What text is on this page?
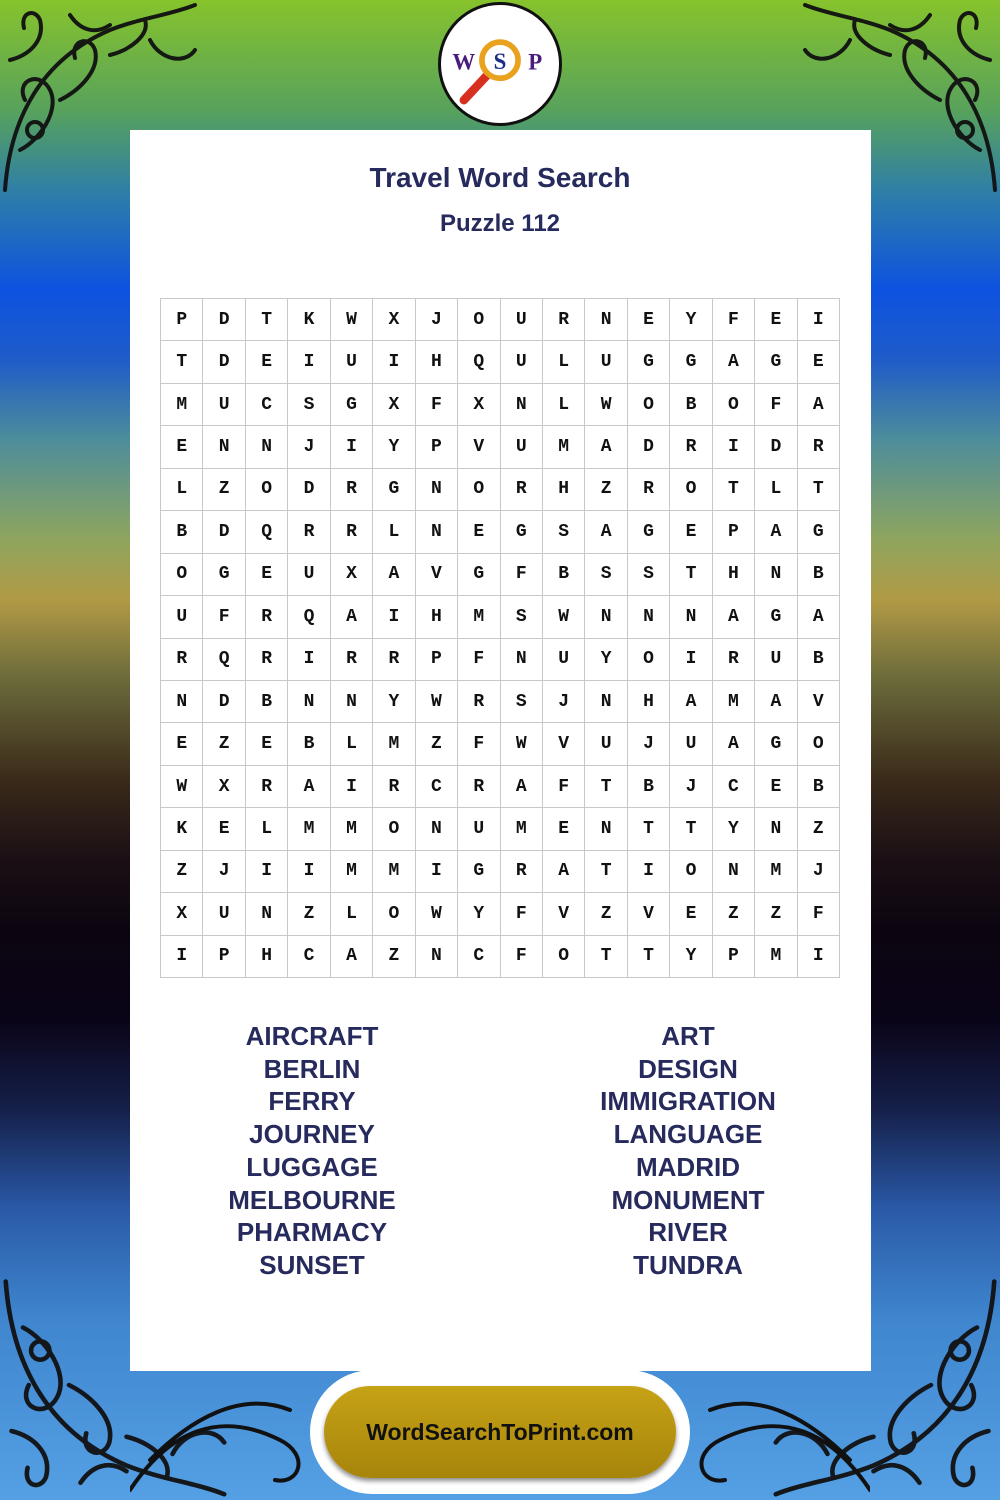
W S P
Travel Word Search
Puzzle 112
P	D	T	K	W	X	J	O	U	R	N	E	Y	F	E	I
T	D	E	I	U	I	H	Q	U	L	U	G	G	A	G	E
M	U	C	S	G	X	F	X	N	L	W	O	B	O	F	A
E	N	N	J	I	Y	P	V	U	M	A	D	R	I	D	R
L	Z	O	D	R	G	N	O	R	H	Z	R	O	T	L	T
B	D	Q	R	R	L	N	E	G	S	A	G	E	P	A	G
O	G	E	U	X	A	V	G	F	B	S	S	T	H	N	B
U	F	R	Q	A	I	H	M	S	W	N	N	N	A	G	A
R	Q	R	I	R	R	P	F	N	U	Y	O	I	R	U	B
N	D	B	N	N	Y	W	R	S	J	N	H	A	M	A	V
E	Z	E	B	L	M	Z	F	W	V	U	J	U	A	G	O
W	X	R	A	I	R	C	R	A	F	T	B	J	C	E	B
K	E	L	M	M	O	N	U	M	E	N	T	T	Y	N	Z
Z	J	I	I	M	M	I	G	R	A	T	I	O	N	M	J
X	U	N	Z	L	O	W	Y	F	V	Z	V	E	Z	Z	F
I	P	H	C	A	Z	N	C	F	O	T	T	Y	P	M	I
AIRCRAFT
BERLIN
FERRY
JOURNEY
LUGGAGE
MELBOURNE
PHARMACY
SUNSET
ART
DESIGN
IMMIGRATION
LANGUAGE
MADRID
MONUMENT
RIVER
TUNDRA
WordSearchToPrint.com
